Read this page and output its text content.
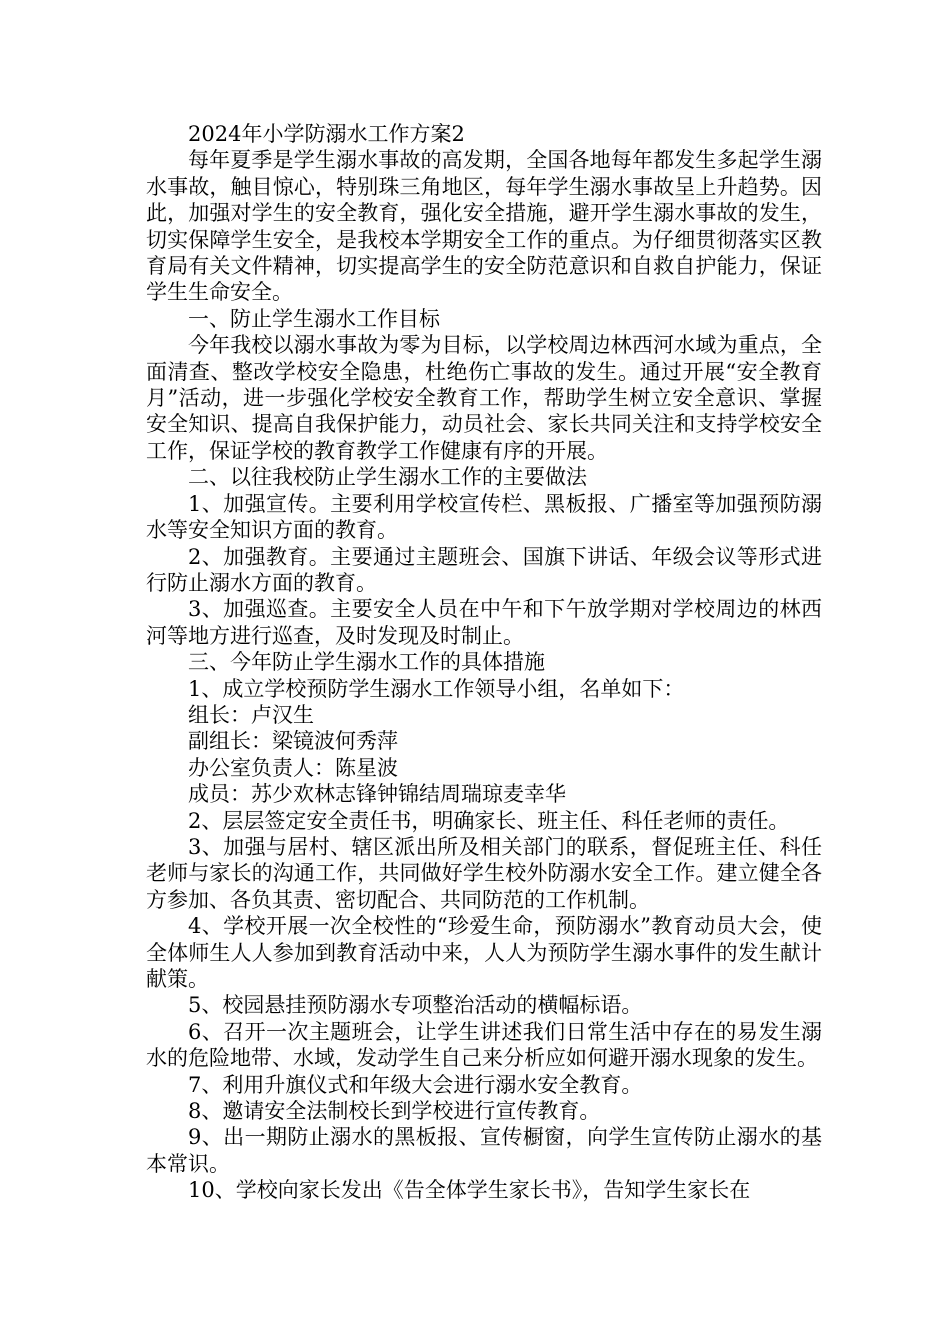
2024年小学防溺水工作方案2

每年夏季是学生溺水事故的高发期，全国各地每年都发生多起学生溺水事故，触目惊心，特别珠三角地区，每年学生溺水事故呈上升趋势。因此，加强对学生的安全教育，强化安全措施，避开学生溺水事故的发生，切实保障学生安全，是我校本学期安全工作的重点。为仔细贯彻落实区教育局有关文件精神，切实提高学生的安全防范意识和自救自护能力，保证学生生命安全。

一、防止学生溺水工作目标

今年我校以溺水事故为零为目标，以学校周边林西河水域为重点，全面清查、整改学校安全隐患，杜绝伤亡事故的发生。通过开展“安全教育月”活动，进一步强化学校安全教育工作，帮助学生树立安全意识、掌握安全知识、提高自我保护能力，动员社会、家长共同关注和支持学校安全工作，保证学校的教育教学工作健康有序的开展。

二、以往我校防止学生溺水工作的主要做法

1、加强宣传。主要利用学校宣传栏、黑板报、广播室等加强预防溺水等安全知识方面的教育。

2、加强教育。主要通过主题班会、国旗下讲话、年级会议等形式进行防止溺水方面的教育。

3、加强巡查。主要安全人员在中午和下午放学期对学校周边的林西河等地方进行巡查，及时发现及时制止。

三、今年防止学生溺水工作的具体措施

1、成立学校预防学生溺水工作领导小组，名单如下：

组长：卢汉生

副组长：梁镜波何秀萍

办公室负责人：陈星波

成员：苏少欢林志锋钟锦结周瑞琼麦幸华

2、层层签定安全责任书，明确家长、班主任、科任老师的责任。

3、加强与居村、辖区派出所及相关部门的联系，督促班主任、科任老师与家长的沟通工作，共同做好学生校外防溺水安全工作。建立健全各方参加、各负其责、密切配合、共同防范的工作机制。

4、学校开展一次全校性的“珍爱生命，预防溺水”教育动员大会，使全体师生人人参加到教育活动中来，人人为预防学生溺水事件的发生献计献策。

5、校园悬挂预防溺水专项整治活动的横幅标语。

6、召开一次主题班会，让学生讲述我们日常生活中存在的易发生溺水的危险地带、水域，发动学生自己来分析应如何避开溺水现象的发生。

7、利用升旗仪式和年级大会进行溺水安全教育。

8、邀请安全法制校长到学校进行宣传教育。

9、出一期防止溺水的黑板报、宣传橱窗，向学生宣传防止溺水的基本常识。

10、学校向家长发出《告全体学生家长书》，告知学生家长在
